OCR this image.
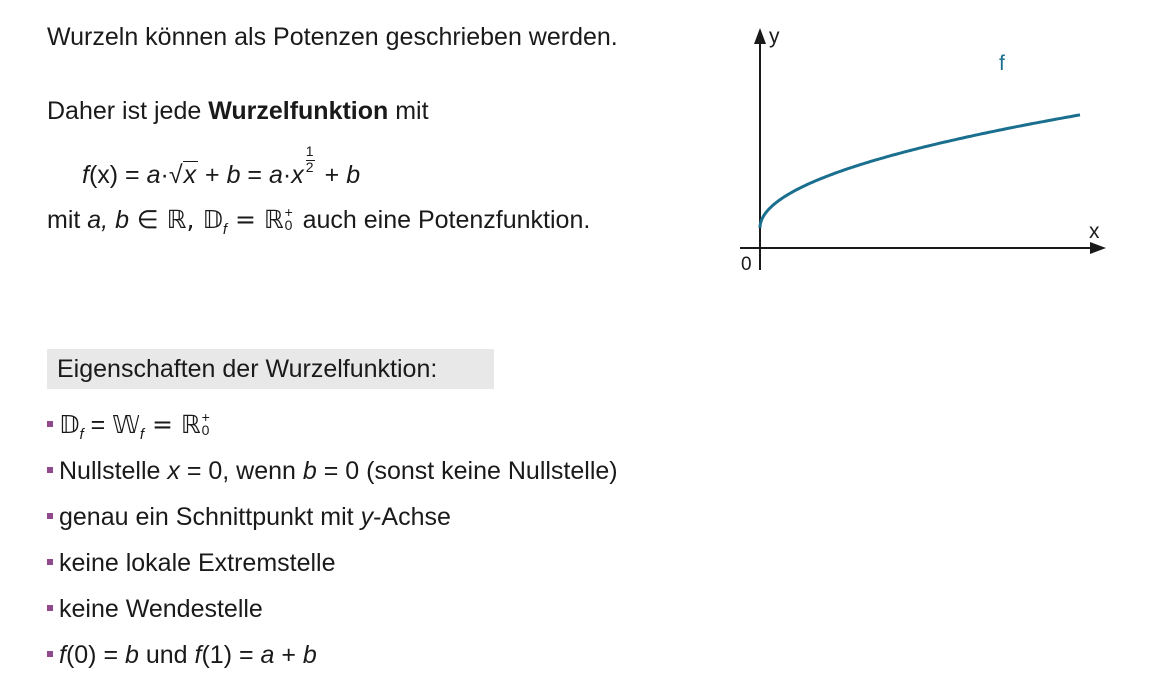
Wurzeln können als Potenzen geschrieben werden.
Daher ist jede Wurzelfunktion mit
f(x) = a·√x + b = a·x
$\frac{1}{2}$
+ b
mit a, b ∈ ℝ, 𝔻$_f$ = ℝ +
0 auch eine Potenzfunktion.
y
x
0
f
Eigenschaften der Wurzelfunktion:
𝔻$_f$ = 𝕎$_f$ = ℝ +
0
Nullstelle x = 0, wenn b = 0 (sonst keine Nullstelle)
genau ein Schnittpunkt mit y-Achse
keine lokale Extremstelle
keine Wendestelle
f(0) = b und f(1) = a + b
